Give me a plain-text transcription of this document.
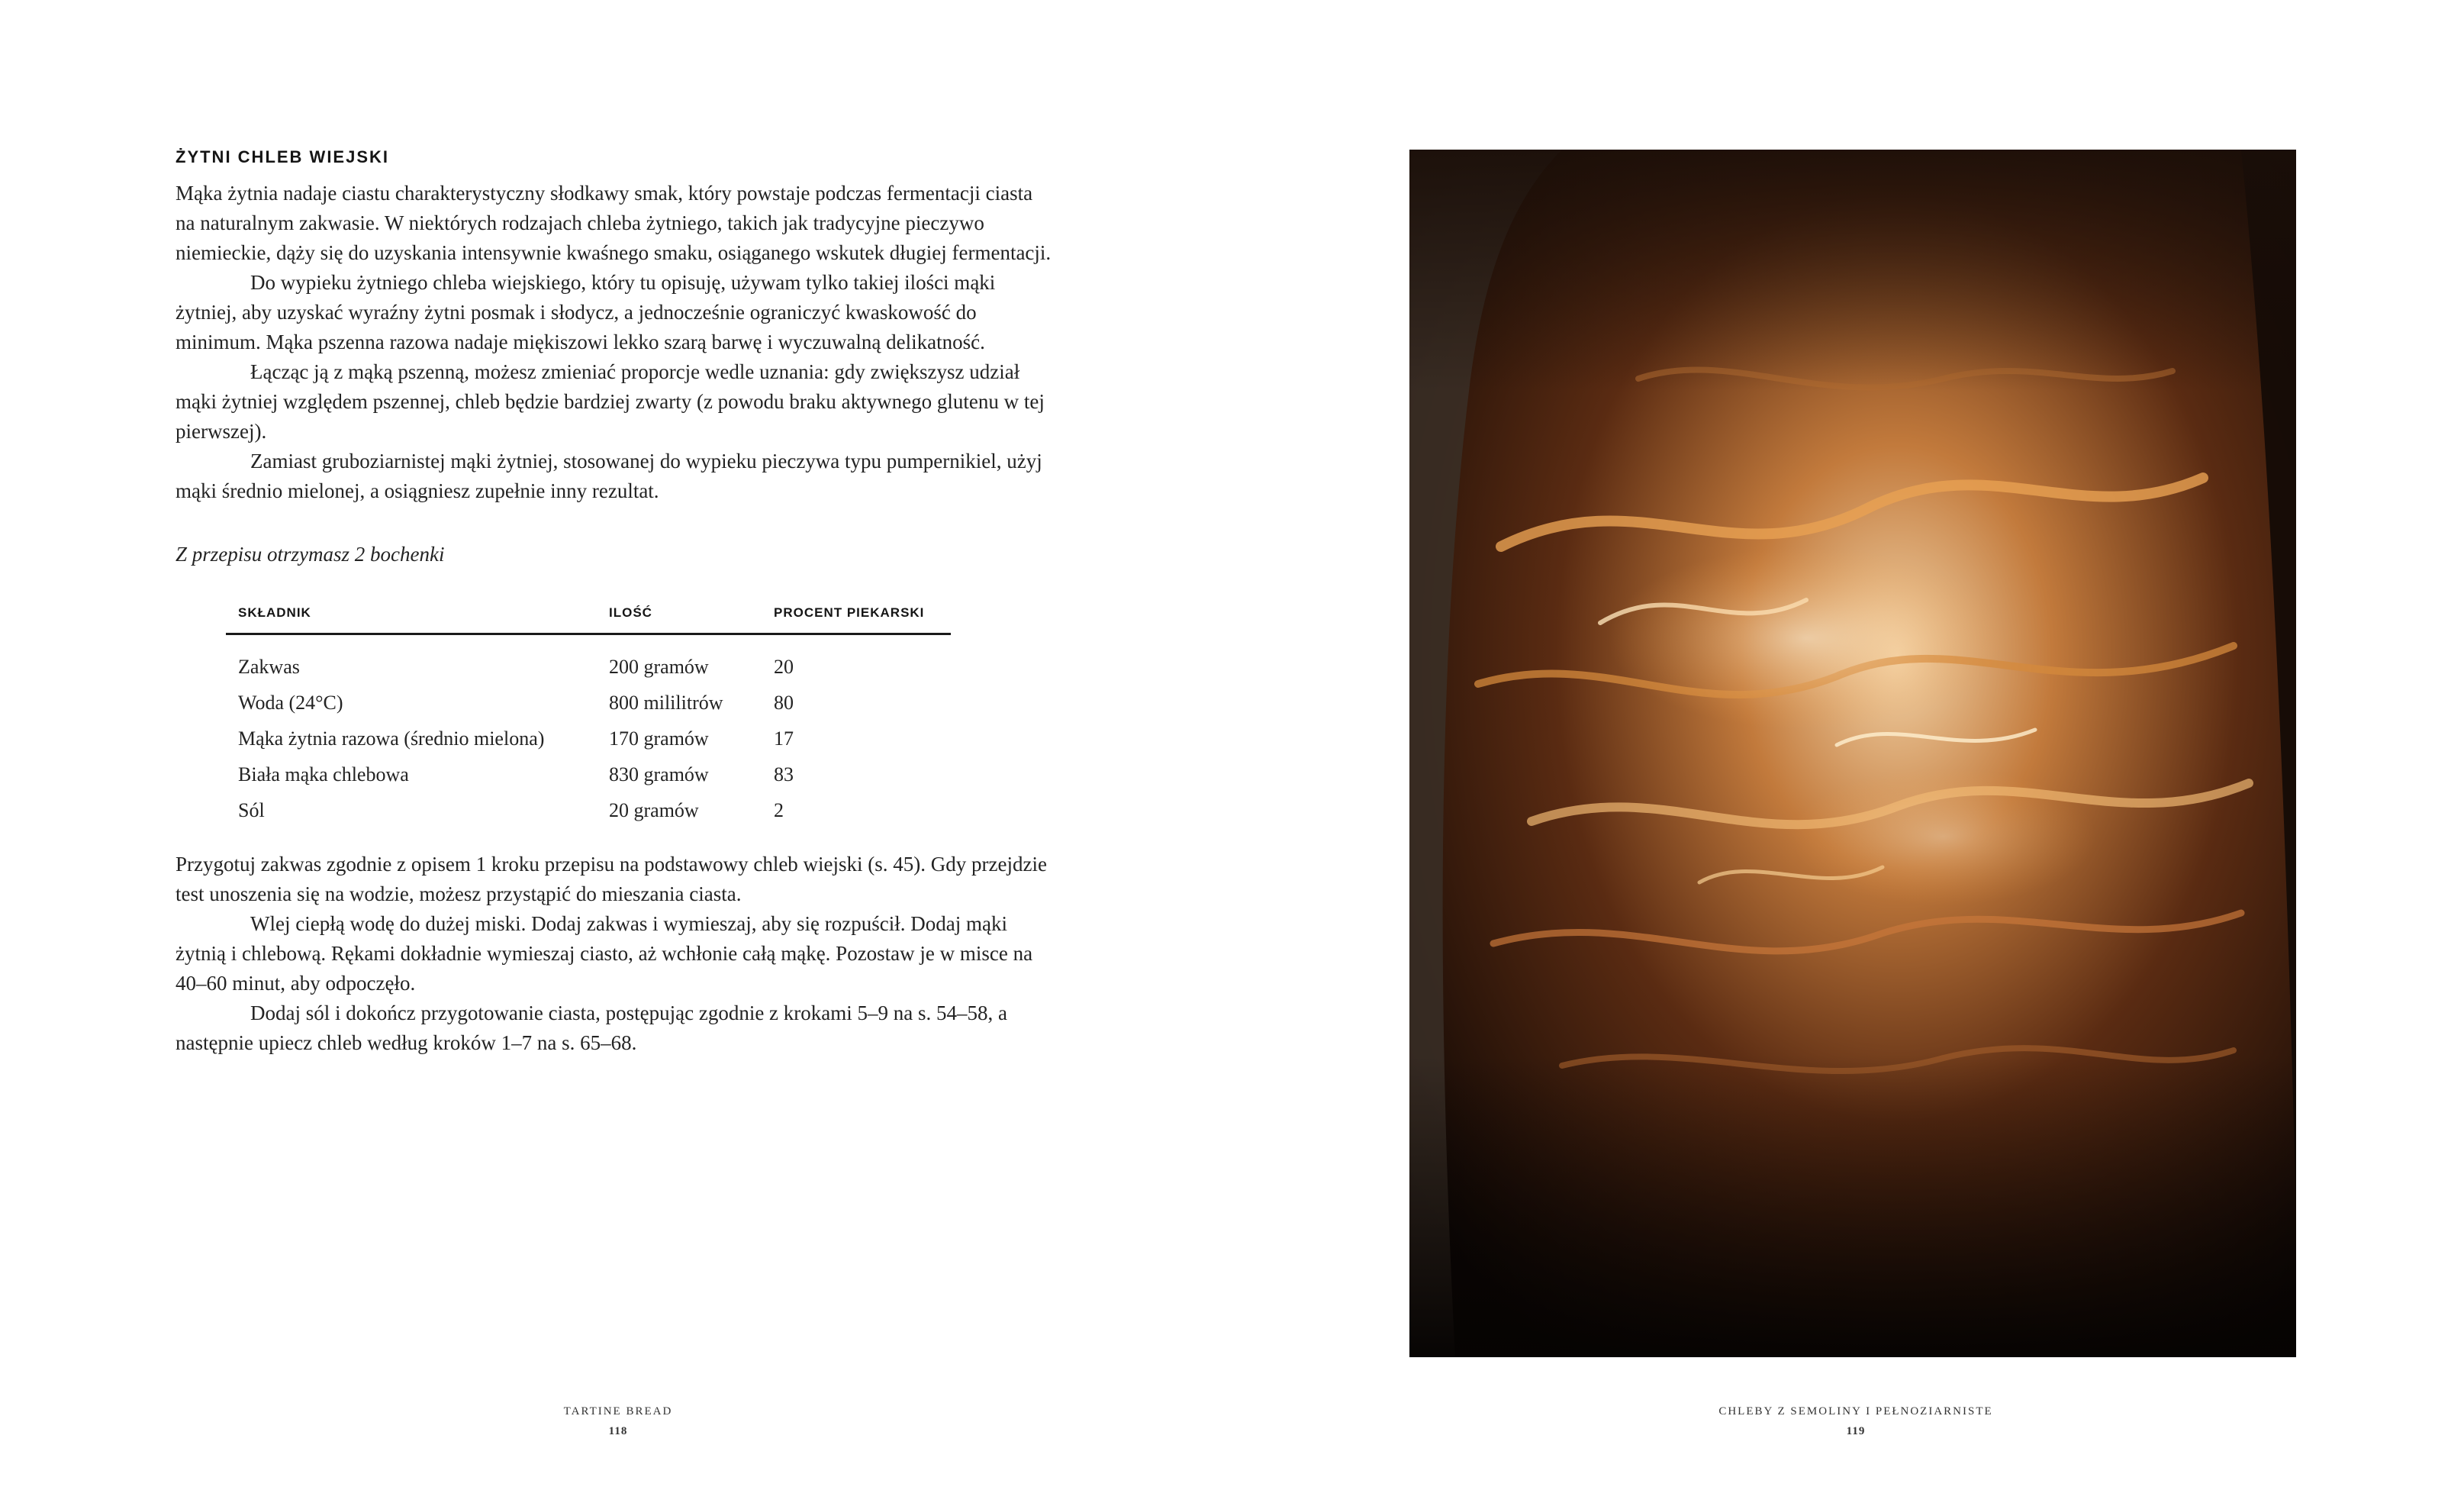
ŻYTNI CHLEB WIEJSKI

Mąka żytnia nadaje ciastu charakterystyczny słodkawy smak, który powstaje podczas fermentacji ciasta na naturalnym zakwasie. W niektórych rodzajach chleba żytniego, takich jak tradycyjne pieczywo niemieckie, dąży się do uzyskania intensywnie kwaśnego smaku, osiąganego wskutek długiej fermentacji.

Do wypieku żytniego chleba wiejskiego, który tu opisuję, używam tylko takiej ilości mąki żytniej, aby uzyskać wyraźny żytni posmak i słodycz, a jednocześnie ograniczyć kwaskowość do minimum. Mąka pszenna razowa nadaje miękiszowi lekko szarą barwę i wyczuwalną delikatność.

Łącząc ją z mąką pszenną, możesz zmieniać proporcje wedle uznania: gdy zwiększysz udział mąki żytniej względem pszennej, chleb będzie bardziej zwarty (z powodu braku aktywnego glutenu w tej pierwszej).

Zamiast gruboziarnistej mąki żytniej, stosowanej do wypieku pieczywa typu pumpernikiel, użyj mąki średnio mielonej, a osiągniesz zupełnie inny rezultat.

Z przepisu otrzymasz 2 bochenki

SKŁADNIK	ILOŚĆ	PROCENT PIEKARSKI
Zakwas	200 gramów	20
Woda (24°C)	800 mililitrów	80
Mąka żytnia razowa (średnio mielona)	170 gramów	17
Biała mąka chlebowa	830 gramów	83
Sól	20 gramów	2

Przygotuj zakwas zgodnie z opisem 1 kroku przepisu na podstawowy chleb wiejski (s. 45). Gdy przejdzie test unoszenia się na wodzie, możesz przystąpić do mieszania ciasta.

Wlej ciepłą wodę do dużej miski. Dodaj zakwas i wymieszaj, aby się rozpuścił. Dodaj mąki żytnią i chlebową. Rękami dokładnie wymieszaj ciasto, aż wchłonie całą mąkę. Pozostaw je w misce na 40–60 minut, aby odpoczęło.

Dodaj sól i dokończ przygotowanie ciasta, postępując zgodnie z krokami 5–9 na s. 54–58, a następnie upiecz chleb według kroków 1–7 na s. 65–68.

TARTINE BREAD
118
CHLEBY Z SEMOLINY I PEŁNOZIARNISTE
119
